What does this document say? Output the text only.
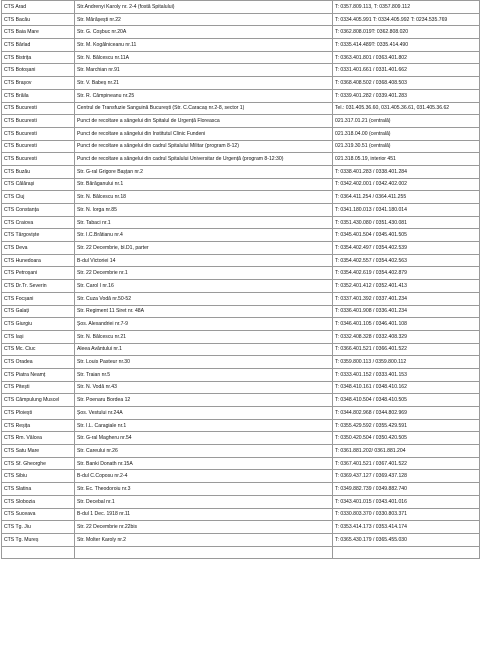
CTS Arad	Str.Andrenyi Karoly nr. 2-4 (fostă Spitalului)	T: 0357.809.113, T: 0357.809.112
CTS Bacău	Str. Mărășești nr.22	T: 0334.405.991 T: 0334.405.992 T: 0234.535.769
CTS Baia Mare	Str. G. Coşbuc nr.20A	T: 0362.808.019T: 0362.808.020
CTS Bârlad	Str. M. Kogălniceanu nr.11	T: 0335.414.489T: 0335.414.490
CTS Bistrița	Str. N. Bălcescu nr.11A	T: 0363.401.801 / 0363.401.802
CTS Botoșani	Str. Marchian nr.91	T: 0331.401.661 / 0331.401.662
CTS Brașov	Str. V. Babeș nr.21	T: 0368.408.502 / 0368.408.503
CTS Brăila	Str. R. Câmpineanu nr.25	T: 0339.401.282 / 0339.401.283
CTS Bucuresti	Centrul de Transfuzie Sanguină București (Str. C.Caracaș nr.2-8, sector 1)	Tel.: 031.405.36.60, 031.405.36.61, 031.405.36.62
CTS Bucuresti	Punct de recoltare a sângelui din Spitalul de Urgență Floreasca	021.317.01.21 (centrală)
CTS Bucuresti	Punct de recoltare a sângelui din Institutul Clinic Fundeni	021.318.04.00 (centrală)
CTS Bucuresti	Punct de recoltare a sângelui din cadrul Spitalului Militar (program 8-12)	021.319.30.51 (centrală)
CTS Bucuresti	Punct de recoltare a sângelui din cadrul Spitalului Universitar de Urgență (program 8-12:30)	021.318.05.19, interior 451
CTS Buzău	Str. G-ral Grigore Bașțan nr.2	T: 0338.401.283 / 0338.401.284
CTS Călărași	Str. Bărăganului nr.1	T: 0342.402.001 / 0342.402.002
CTS Cluj	Str. N. Bălcescu nr.18	T: 0364.411.254 / 0364.411.255
CTS Constanța	Str. N. Iorga nr.85	T: 0341.180.013 / 0341.180.014
CTS Craiova	Str. Tabaci nr.1	T: 0351.430.080 / 0351.430.081
CTS Târgoviște	Str. I.C.Brătianu nr.4	T: 0345.401.504 / 0345.401.505
CTS Deva	Str. 22 Decembrie, bl.D1, parter	T: 0354.402.497 / 0354.402.539
CTS Hunedoara	B-dul Victoriei 14	T: 0354.402.557 / 0354.402.563
CTS Petroșani	Str. 22 Decembrie nr.1	T: 0354.402.619 / 0354.402.879
CTS Dr.Tr. Severin	Str. Carol I nr.16	T: 0352.401.412 / 0352.401.413
CTS Focșani	Str. Cuza Vodă nr.50-52	T: 0337.401.392 / 0337.401.234
CTS Galați	Str. Regiment 11 Siret nr. 48A	T: 0336.401.908 / 0336.401.234
CTS Giurgiu	Șos. Alexandriei nr.7-9	T: 0346.401.105 / 0346.401.108
CTS Iași	Str. N. Bălcescu nr.21	T: 0332.408.328 / 0332.408.329
CTS Mc. Ciuc	Aleea Avântului nr.1	T: 0366.401.521 / 0366.401.522
CTS Oradea	Str. Louis Pasteur nr.30	T: 0359.800.113 / 0359.800.112
CTS Piatra Neamț	Str. Traian nr.5	T: 0333.401.152 / 0333.401.153
CTS Pitești	Str. N. Vodă nr.43	T: 0348.410.161 / 0348.410.162
CTS Câmpulung Muscel	Str. Poenaru Bordea 12	T: 0348.410.504 / 0348.410.505
CTS Ploiești	Șos. Vestului nr.24A	T: 0344.802.968 / 0344.802.969
CTS Reșița	Str. I.L. Caragiale nr.1	T: 0355.429.592 / 0355.429.591
CTS Rm. Vâlcea	Str. G-ral Magheru nr.54	T: 0350.420.504 / 0350.420.505
CTS Satu Mare	Str. Careului nr.26	T: 0361.881.202/ 0361.881.204
CTS Sf. Gheorghe	Str. Banki Donath nr.15A	T: 0367.401.521 / 0367.401.522
CTS Sibiu	B-dul C.Coposu nr.2-4	T: 0369.437.127 / 0369.437.128
CTS Slatina	Str. Ec. Theodoroiu nr.3	T: 0349.882.739 / 0349.882.740
CTS Slobozia	Str. Decebal nr.1	T: 0343.401.015 / 0343.401.016
CTS Suceava	B-dul 1 Dec. 1918 nr.11	T: 0330.803.370 / 0330.803.371
CTS Tg. Jiu	Str. 22 Decembrie nr.22bis	T: 0353.414.173 / 0353.414.174
CTS Tg. Mureș	Str. Molter Karoly nr.2	T: 0365.430.179 / 0365.455.030
